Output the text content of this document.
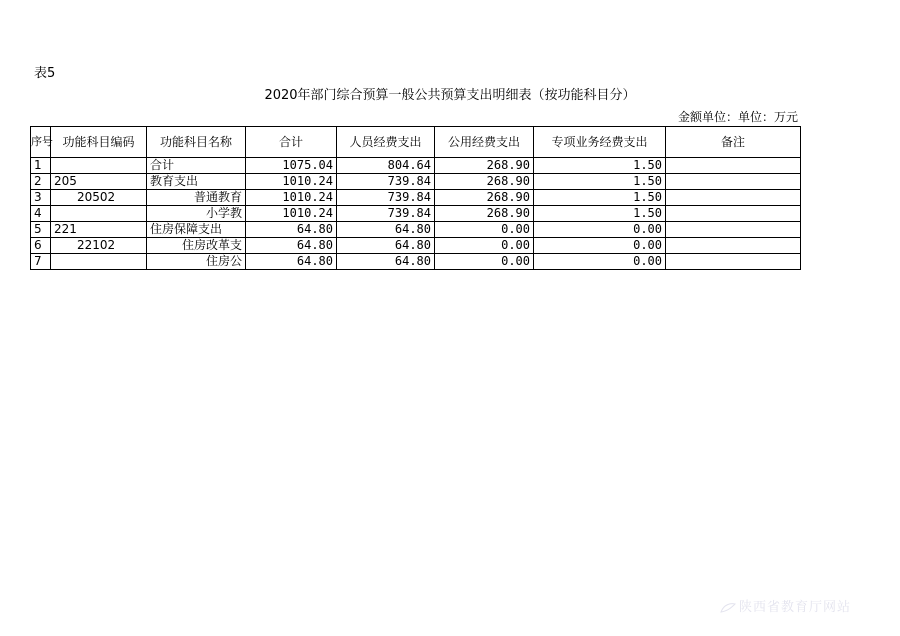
表5
2020年部门综合预算一般公共预算支出明细表（按功能科目分）
金额单位：单位：万元
序号	功能科目编码	功能科目名称	合计	人员经费支出	公用经费支出	专项业务经费支出	备注
1		合计	1075.04	804.64	268.90	1.50	
2	205	教育支出	1010.24	739.84	268.90	1.50	
3	20502	普通教育	1010.24	739.84	268.90	1.50	
4		小学教	1010.24	739.84	268.90	1.50	
5	221	住房保障支出	64.80	64.80	0.00	0.00	
6	22102	住房改革支	64.80	64.80	0.00	0.00	
7		住房公	64.80	64.80	0.00	0.00	
陕西省教育厅网站
